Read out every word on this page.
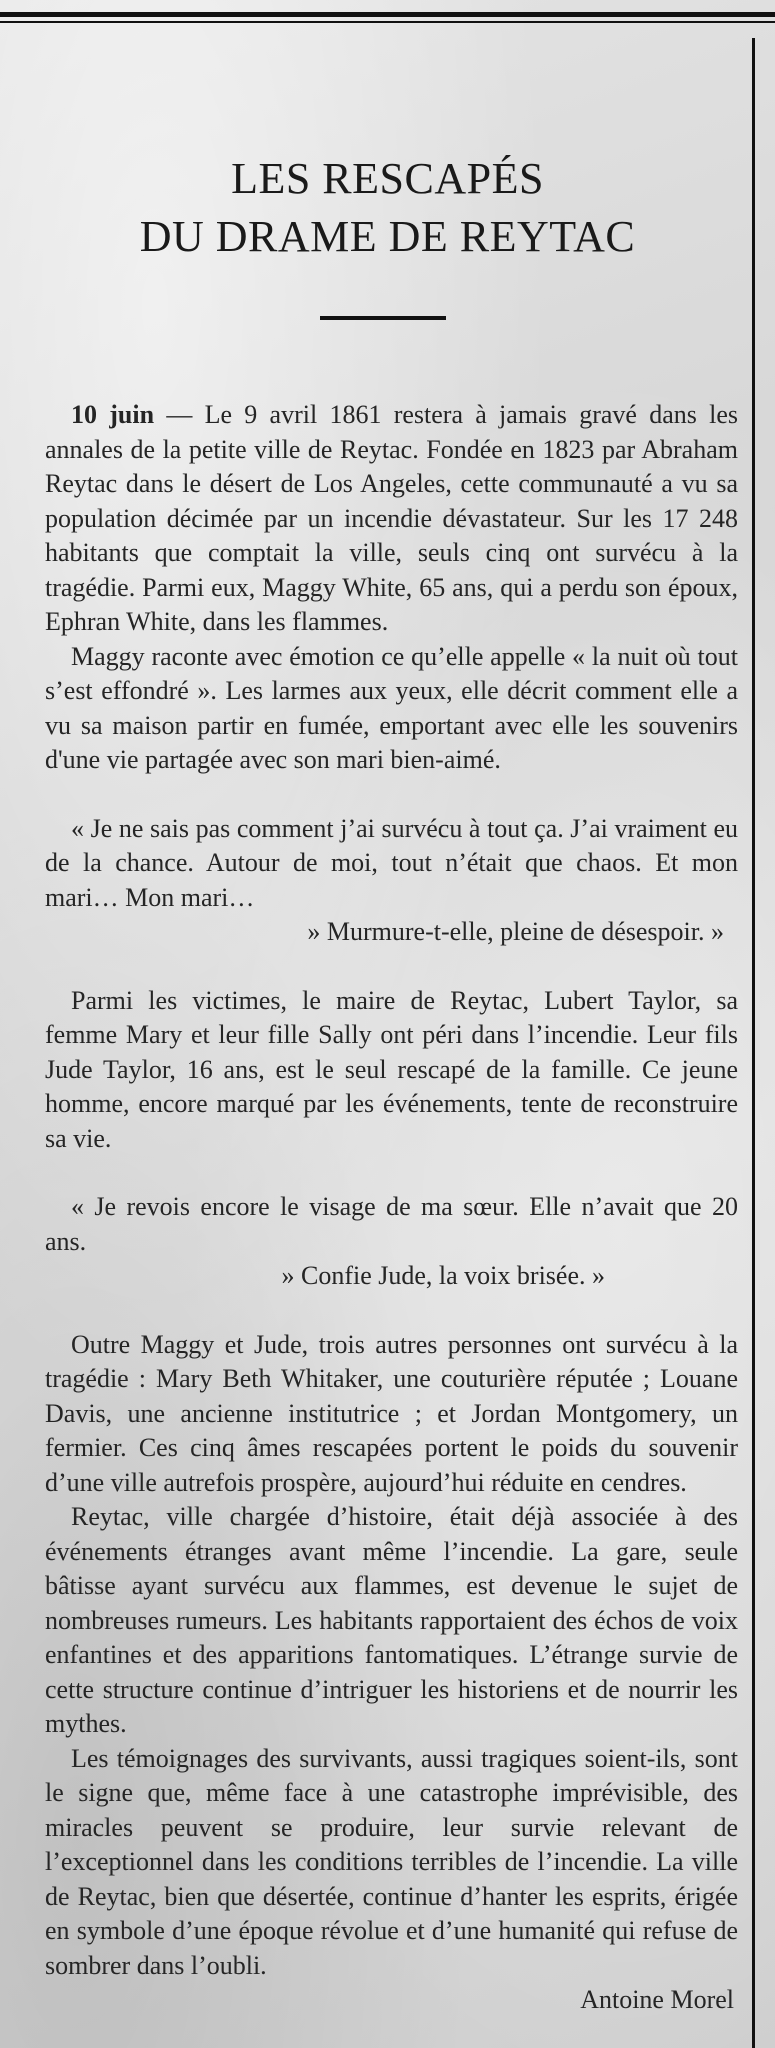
LES RESCAPÉS
DU DRAME DE REYTAC

10 juin — Le 9 avril 1861 restera à jamais gravé dans les annales de la petite ville de Reytac. Fondée en 1823 par Abraham Reytac dans le désert de Los Angeles, cette communauté a vu sa population décimée par un incendie dévastateur. Sur les 17 248 habitants que comptait la ville, seuls cinq ont survécu à la tragédie. Parmi eux, Maggy White, 65 ans, qui a perdu son époux, Ephran White, dans les flammes.

Maggy raconte avec émotion ce qu’elle appelle « la nuit où tout s’est effondré ». Les larmes aux yeux, elle décrit comment elle a vu sa maison partir en fumée, emportant avec elle les souvenirs d'une vie partagée avec son mari bien-aimé.

« Je ne sais pas comment j’ai survécu à tout ça. J’ai vraiment eu de la chance. Autour de moi, tout n’était que chaos. Et mon mari… Mon mari…

» Murmure-t-elle, pleine de désespoir. »

Parmi les victimes, le maire de Reytac, Lubert Taylor, sa femme Mary et leur fille Sally ont péri dans l’incendie. Leur fils Jude Taylor, 16 ans, est le seul rescapé de la famille. Ce jeune homme, encore marqué par les événements, tente de reconstruire sa vie.

« Je revois encore le visage de ma sœur. Elle n’avait que 20 ans.

» Confie Jude, la voix brisée. »

Outre Maggy et Jude, trois autres personnes ont survécu à la tragédie : Mary Beth Whitaker, une couturière réputée ; Louane Davis, une ancienne institutrice ; et Jordan Montgomery, un fermier. Ces cinq âmes rescapées portent le poids du souvenir d’une ville autrefois prospère, aujourd’hui réduite en cendres.

Reytac, ville chargée d’histoire, était déjà associée à des événements étranges avant même l’incendie. La gare, seule bâtisse ayant survécu aux flammes, est devenue le sujet de nombreuses rumeurs. Les habitants rapportaient des échos de voix enfantines et des apparitions fantomatiques. L’étrange survie de cette structure continue d’intriguer les historiens et de nourrir les mythes.

Les témoignages des survivants, aussi tragiques soient-ils, sont le signe que, même face à une catastrophe imprévisible, des miracles peuvent se produire, leur survie relevant de l’exceptionnel dans les conditions terribles de l’incendie. La ville de Reytac, bien que désertée, continue d’hanter les esprits, érigée en symbole d’une époque révolue et d’une humanité qui refuse de sombrer dans l’oubli.

Antoine Morel
